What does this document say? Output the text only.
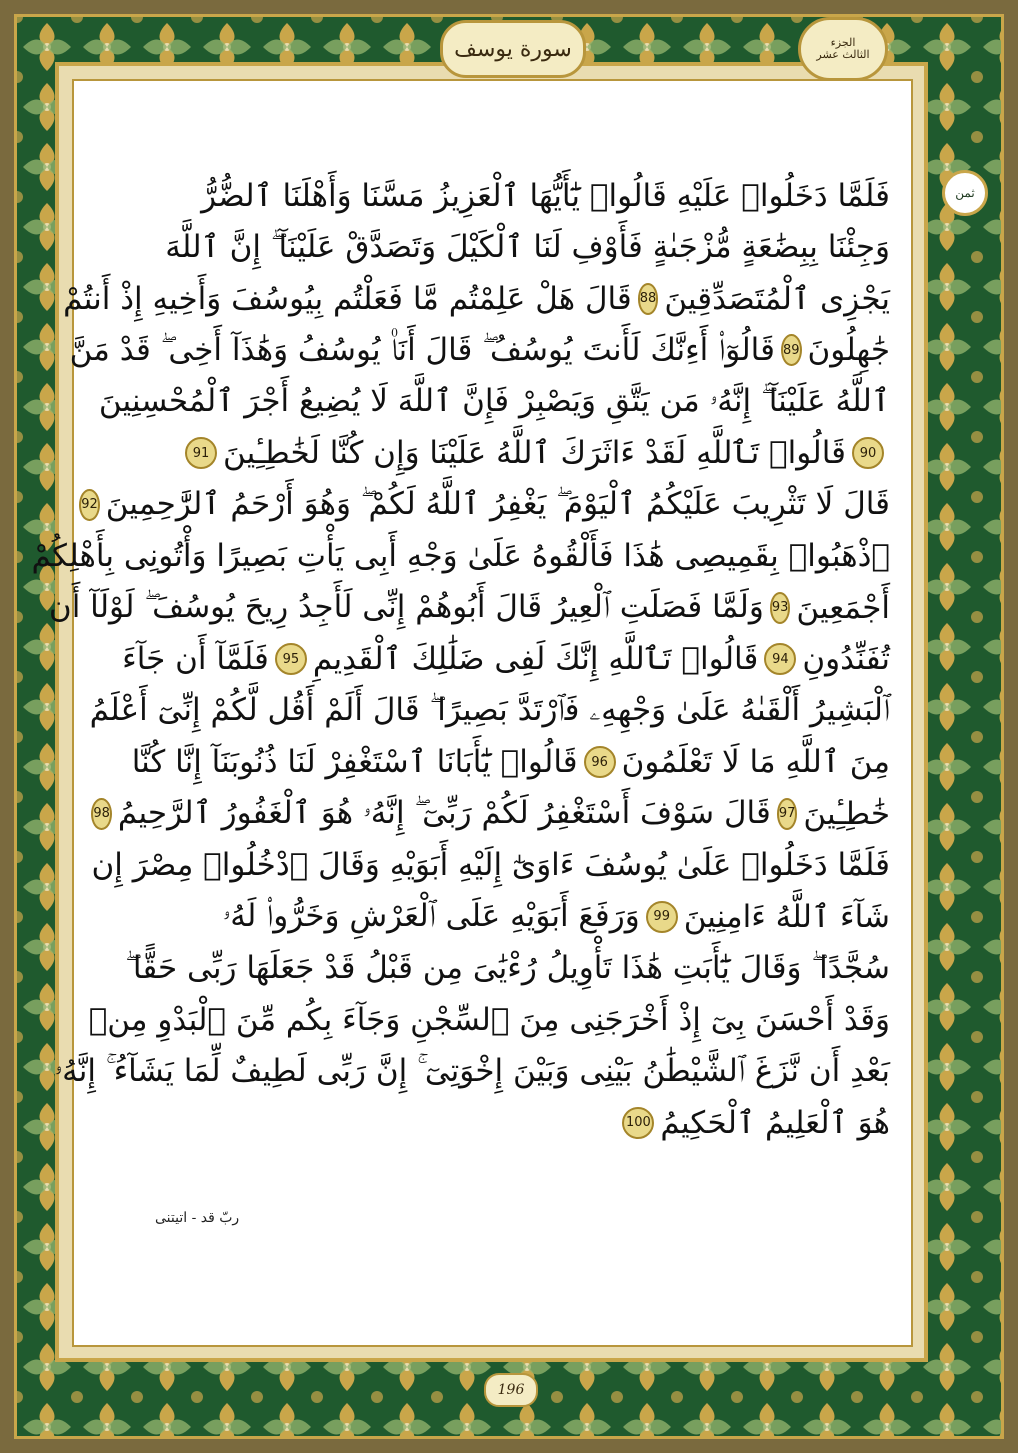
سورة يوسف	الجزء
الثالث عشر
ثمن
فَلَمَّا دَخَلُوا۟ عَلَيْهِ قَالُوا۟ يَٰٓأَيُّهَا ٱلْعَزِيزُ مَسَّنَا وَأَهْلَنَا ٱلضُّرُّ
وَجِئْنَا بِبِضَٰعَةٍ مُّزْجَىٰةٍ فَأَوْفِ لَنَا ٱلْكَيْلَ وَتَصَدَّقْ عَلَيْنَآ ۖ إِنَّ ٱللَّهَ
يَجْزِى ٱلْمُتَصَدِّقِينَ
88
قَالَ هَلْ عَلِمْتُم مَّا فَعَلْتُم بِيُوسُفَ وَأَخِيهِ إِذْ أَنتُمْ
جَٰهِلُونَ
89
قَالُوٓا۟ أَءِنَّكَ لَأَنتَ يُوسُفُ ۖ قَالَ أَنَا۠ يُوسُفُ وَهَٰذَآ أَخِى ۖ قَدْ مَنَّ
ٱللَّهُ عَلَيْنَآ ۖ إِنَّهُۥ مَن يَتَّقِ وَيَصْبِرْ فَإِنَّ ٱللَّهَ لَا يُضِيعُ أَجْرَ ٱلْمُحْسِنِينَ
90
قَالُوا۟ تَٱللَّهِ لَقَدْ ءَاثَرَكَ ٱللَّهُ عَلَيْنَا وَإِن كُنَّا لَخَٰطِـِٔينَ
91
قَالَ لَا تَثْرِيبَ عَلَيْكُمُ ٱلْيَوْمَ ۖ يَغْفِرُ ٱللَّهُ لَكُمْ ۖ وَهُوَ أَرْحَمُ ٱلرَّٰحِمِينَ
92
ٱذْهَبُوا۟ بِقَمِيصِى هَٰذَا فَأَلْقُوهُ عَلَىٰ وَجْهِ أَبِى يَأْتِ بَصِيرًا وَأْتُونِى بِأَهْلِكُمْ
أَجْمَعِينَ
93
وَلَمَّا فَصَلَتِ ٱلْعِيرُ قَالَ أَبُوهُمْ إِنِّى لَأَجِدُ رِيحَ يُوسُفَ ۖ لَوْلَآ أَن
تُفَنِّدُونِ
94
قَالُوا۟ تَٱللَّهِ إِنَّكَ لَفِى ضَلَٰلِكَ ٱلْقَدِيمِ
95
فَلَمَّآ أَن جَآءَ
ٱلْبَشِيرُ أَلْقَىٰهُ عَلَىٰ وَجْهِهِۦ فَٱرْتَدَّ بَصِيرًا ۖ قَالَ أَلَمْ أَقُل لَّكُمْ إِنِّىٓ أَعْلَمُ
مِنَ ٱللَّهِ مَا لَا تَعْلَمُونَ
96
قَالُوا۟ يَٰٓأَبَانَا ٱسْتَغْفِرْ لَنَا ذُنُوبَنَآ إِنَّا كُنَّا
خَٰطِـِٔينَ
97
قَالَ سَوْفَ أَسْتَغْفِرُ لَكُمْ رَبِّىٓ ۖ إِنَّهُۥ هُوَ ٱلْغَفُورُ ٱلرَّحِيمُ
98
فَلَمَّا دَخَلُوا۟ عَلَىٰ يُوسُفَ ءَاوَىٰٓ إِلَيْهِ أَبَوَيْهِ وَقَالَ ٱدْخُلُوا۟ مِصْرَ إِن
شَآءَ ٱللَّهُ ءَامِنِينَ
99
وَرَفَعَ أَبَوَيْهِ عَلَى ٱلْعَرْشِ وَخَرُّوا۟ لَهُۥ
سُجَّدًا ۖ وَقَالَ يَٰٓأَبَتِ هَٰذَا تَأْوِيلُ رُءْيَٰىَ مِن قَبْلُ قَدْ جَعَلَهَا رَبِّى حَقًّا ۖ
وَقَدْ أَحْسَنَ بِىٓ إِذْ أَخْرَجَنِى مِنَ ٱلسِّجْنِ وَجَآءَ بِكُم مِّنَ ٱلْبَدْوِ مِنۢ
بَعْدِ أَن نَّزَغَ ٱلشَّيْطَٰنُ بَيْنِى وَبَيْنَ إِخْوَتِىٓ ۚ إِنَّ رَبِّى لَطِيفٌ لِّمَا يَشَآءُ ۚ إِنَّهُۥ
هُوَ ٱلْعَلِيمُ ٱلْحَكِيمُ
100
ربّ قد - اتيتنى
196
